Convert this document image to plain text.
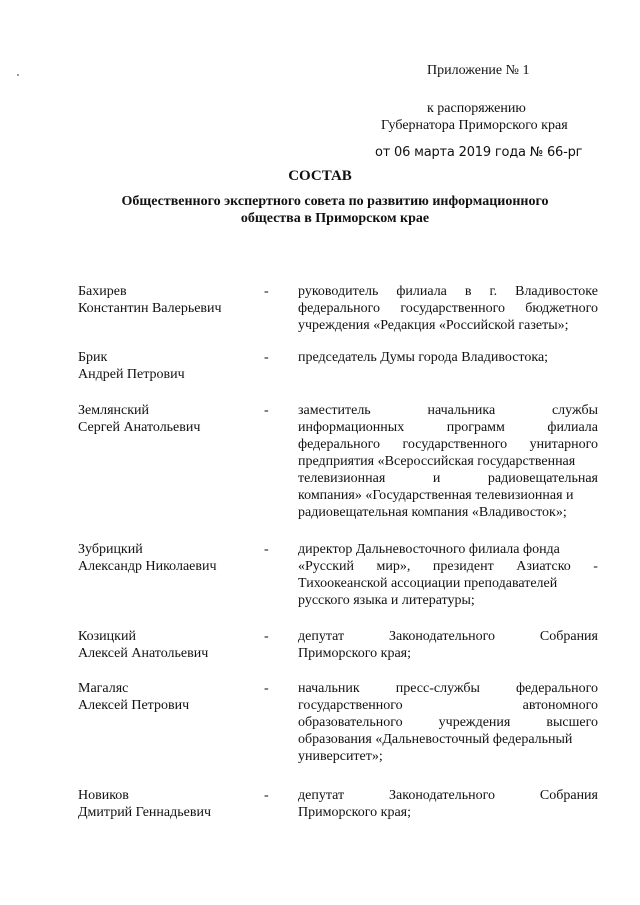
Приложение № 1
к распоряжению
Губернатора Приморского края
от 06 марта 2019 года № 66-рг
СОСТАВ
Общественного экспертного совета по развитию информационного
общества в Приморском крае
Бахирев
Константин Валерьевич
- руководитель филиала в г. Владивостоке
федерального государственного бюджетного
учреждения «Редакция «Российской газеты»;
Брик
Андрей Петрович
- председатель Думы города Владивостока;
Землянский
Сергей Анатольевич
- заместитель	начальника	службы
информационных	программ	филиала
федерального государственного унитарного
предприятия «Всероссийская государственная
телевизионная	и	радиовещательная
компания» «Государственная телевизионная и
радиовещательная компания «Владивосток»;
Зубрицкий
Александр Николаевич
- директор Дальневосточного филиала фонда
«Русский мир», президент Азиатско -
Тихоокеанской ассоциации преподавателей
русского языка и литературы;
Козицкий
Алексей Анатольевич
- депутат	Законодательного	Собрания
Приморского края;
Магаляс
Алексей Петрович
- начальник	пресс-службы	федерального
государственного	автономного
образовательного	учреждения	высшего
образования «Дальневосточный федеральный
университет»;
Новиков
Дмитрий Геннадьевич
- депутат	Законодательного	Собрания
Приморского края;
